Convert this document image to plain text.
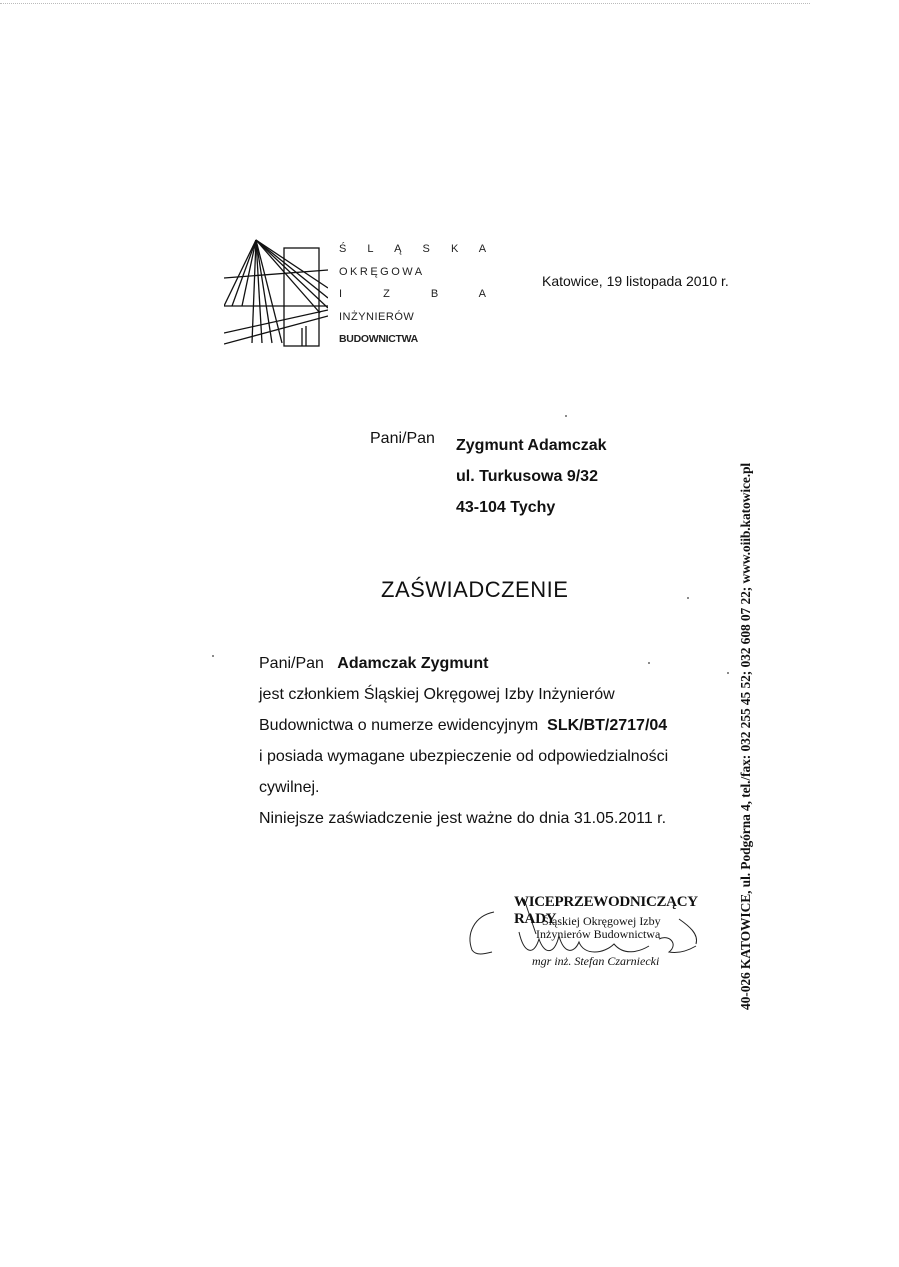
Ś L Ą S K A
OKRĘGOWA
I Z B A
INŻYNIERÓW
BUDOWNICTWA
Katowice, 19 listopada 2010 r.
Pani/Pan Zygmunt Adamczak
ul. Turkusowa 9/32
43-104 Tychy
ZAŚWIADCZENIE
Pani/Pan Adamczak Zygmunt
jest członkiem Śląskiej Okręgowej Izby Inżynierów
Budownictwa o numerze ewidencyjnym SLK/BT/2717/04
i posiada wymagane ubezpieczenie od odpowiedzialności
cywilnej.
Niniejsze zaświadczenie jest ważne do dnia 31.05.2011 r.
WICEPRZEWODNICZĄCY RADY
Śląskiej Okręgowej Izby
Inżynierów Budownictwa
mgr inż. Stefan Czarniecki	40-026 KATOWICE, ul. Podgórna 4, tel./fax: 032 255 45 52; 032 608 07 22; www.oiib.katowice.pl
